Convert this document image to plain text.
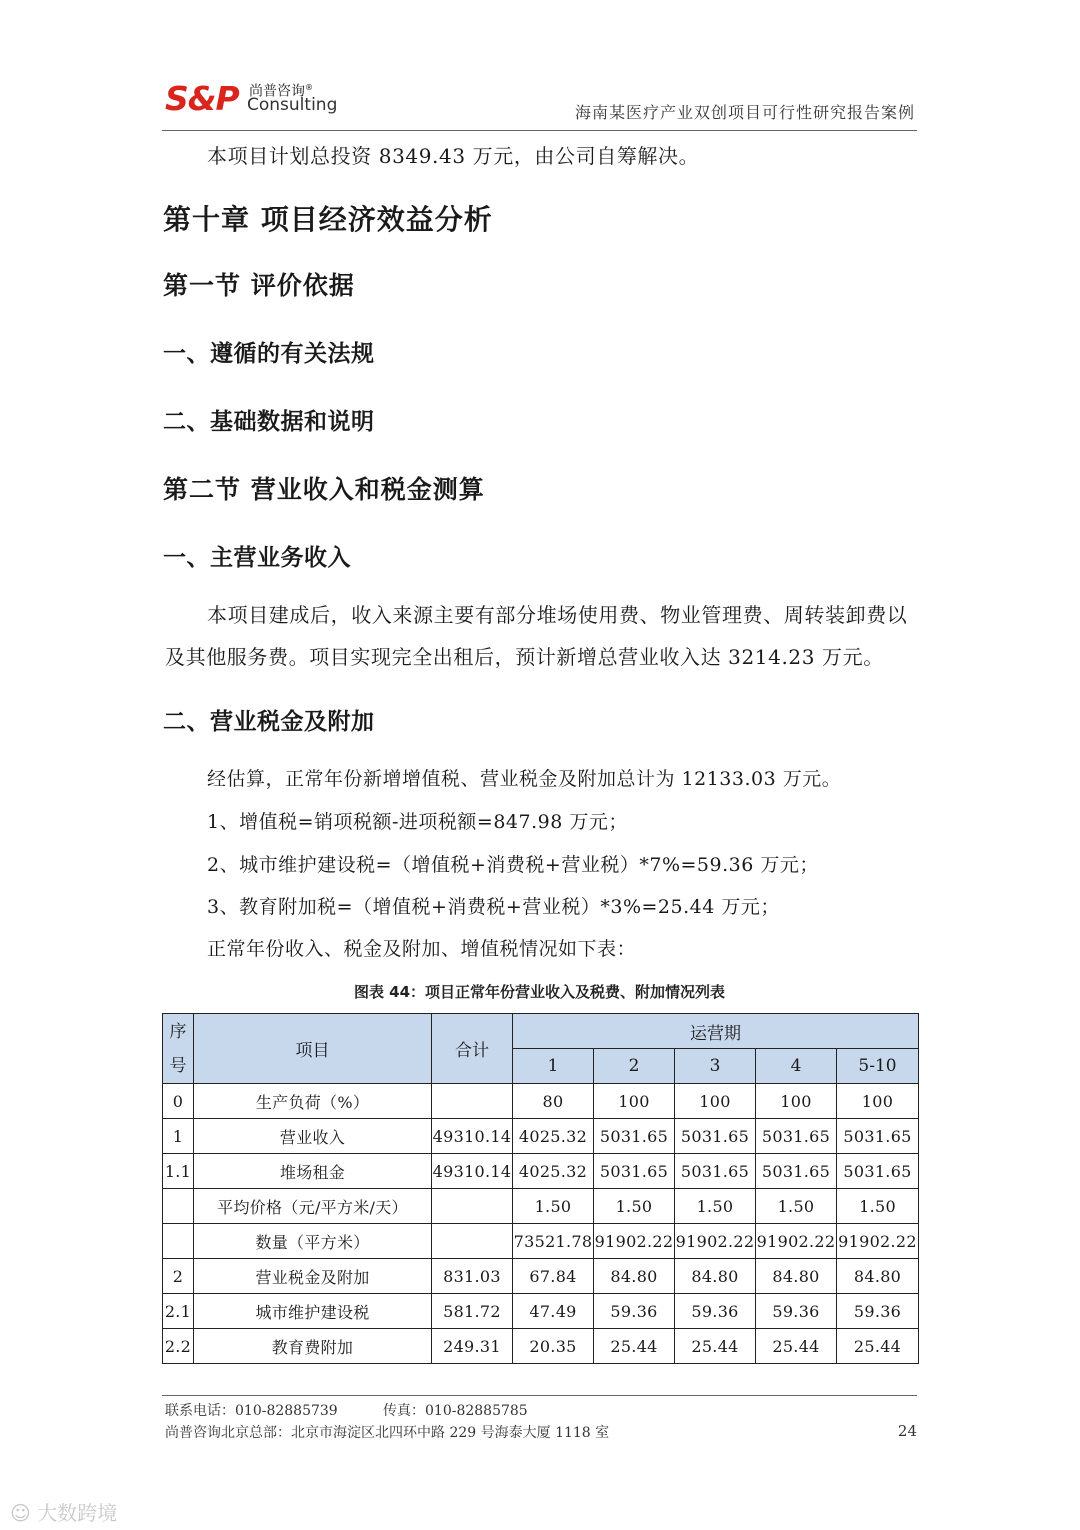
S&P 尚普咨询®
Consulting	海南某医疗产业双创项目可行性研究报告案例
本项目计划总投资 8349.43 万元，由公司自筹解决。
第十章 项目经济效益分析
第一节 评价依据
一、遵循的有关法规
二、基础数据和说明
第二节 营业收入和税金测算
一、主营业务收入
本项目建成后，收入来源主要有部分堆场使用费、物业管理费、周转装卸费以及其他服务费。项目实现完全出租后，预计新增总营业收入达 3214.23 万元。
二、营业税金及附加
经估算，正常年份新增增值税、营业税金及附加总计为 12133.03 万元。
1、增值税=销项税额-进项税额=847.98 万元；
2、城市维护建设税=（增值税+消费税+营业税）*7%=59.36 万元；
3、教育附加税=（增值税+消费税+营业税）*3%=25.44 万元；
正常年份收入、税金及附加、增值税情况如下表：
图表 44：项目正常年份营业收入及税费、附加情况列表
序号	项目	合计	运营期				
			1	2	3	4	5-10
0	生产负荷（%）		80	100	100	100	100
1	营业收入	49310.14	4025.32	5031.65	5031.65	5031.65	5031.65
1.1	堆场租金	49310.14	4025.32	5031.65	5031.65	5031.65	5031.65
	平均价格（元/平方米/天）		1.50	1.50	1.50	1.50	1.50
	数量（平方米）		73521.78	91902.22	91902.22	91902.22	91902.22
2	营业税金及附加	831.03	67.84	84.80	84.80	84.80	84.80
2.1	城市维护建设税	581.72	47.49	59.36	59.36	59.36	59.36
2.2	教育费附加	249.31	20.35	25.44	25.44	25.44	25.44
联系电话：010-82885739	传真：010-82885785
尚普咨询北京总部：北京市海淀区北四环中路 229 号海泰大厦 1118 室	24
☺ 大数跨境
